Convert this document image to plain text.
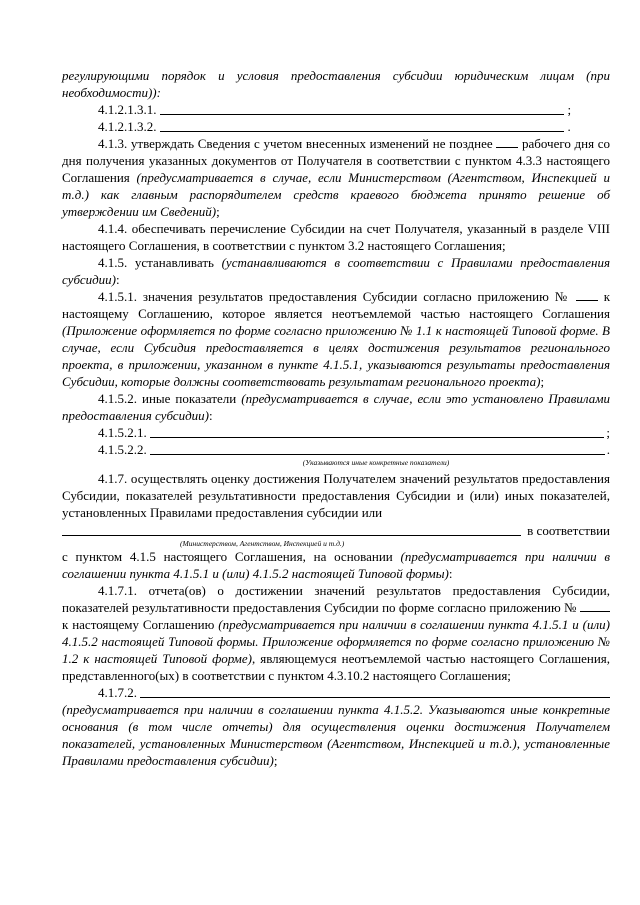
регулирующими порядок и условия предоставления субсидии юридическим лицам (при необходимости)):

4.1.2.1.3.1.	;
4.1.2.1.3.2.	.

4.1.3. утверждать Сведения с учетом внесенных изменений не позднее рабочего дня со дня получения указанных документов от Получателя в соответствии с пунктом 4.3.3 настоящего Соглашения (предусматривается в случае, если Министерством (Агентством, Инспекцией и т.д.) как главным распорядителем средств краевого бюджета принято решение об утверждении им Сведений);

4.1.4. обеспечивать перечисление Субсидии на счет Получателя, указанный в разделе VIII настоящего Соглашения, в соответствии с пунктом 3.2 настоящего Соглашения;

4.1.5. устанавливать (устанавливаются в соответствии с Правилами предоставления субсидии):

4.1.5.1. значения результатов предоставления Субсидии согласно приложению №	к настоящему Соглашению, которое является неотъемлемой частью настоящего Соглашения (Приложение оформляется по форме согласно приложению № 1.1 к настоящей Типовой форме. В случае, если Субсидия предоставляется в целях достижения результатов регионального проекта, в приложении, указанном в пункте 4.1.5.1, указываются результаты предоставления Субсидии, которые должны соответствовать результатам регионального проекта);

4.1.5.2. иные показатели (предусматривается в случае, если это установлено Правилами предоставления субсидии):

4.1.5.2.1.	;
4.1.5.2.2.	.

(Указываются иные конкретные показатели)

4.1.7. осуществлять оценку достижения Получателем значений результатов предоставления Субсидии, показателей результативности предоставления Субсидии и (или) иных показателей, установленных Правилами предоставления субсидии или

в соответствии

(Министерством, Агентством, Инспекцией и т.д.)

с пунктом 4.1.5 настоящего Соглашения, на основании (предусматривается при наличии в соглашении пункта 4.1.5.1 и (или) 4.1.5.2 настоящей Типовой формы):

4.1.7.1. отчета(ов) о достижении значений результатов предоставления Субсидии, показателей результативности предоставления Субсидии по форме согласно приложению №  к настоящему Соглашению (предусматривается при наличии в соглашении пункта 4.1.5.1 и (или) 4.1.5.2 настоящей Типовой формы. Приложение оформляется по форме согласно приложению № 1.2 к настоящей Типовой форме), являющемуся неотъемлемой частью настоящего Соглашения, представленного(ых) в соответствии с пунктом 4.3.10.2 настоящего Соглашения;

4.1.7.2.

(предусматривается при наличии в соглашении пункта 4.1.5.2. Указываются иные конкретные основания (в том числе отчеты) для осуществления оценки достижения Получателем показателей, установленных Министерством (Агентством, Инспекцией и т.д.), установленные Правилами предоставления субсидии);
